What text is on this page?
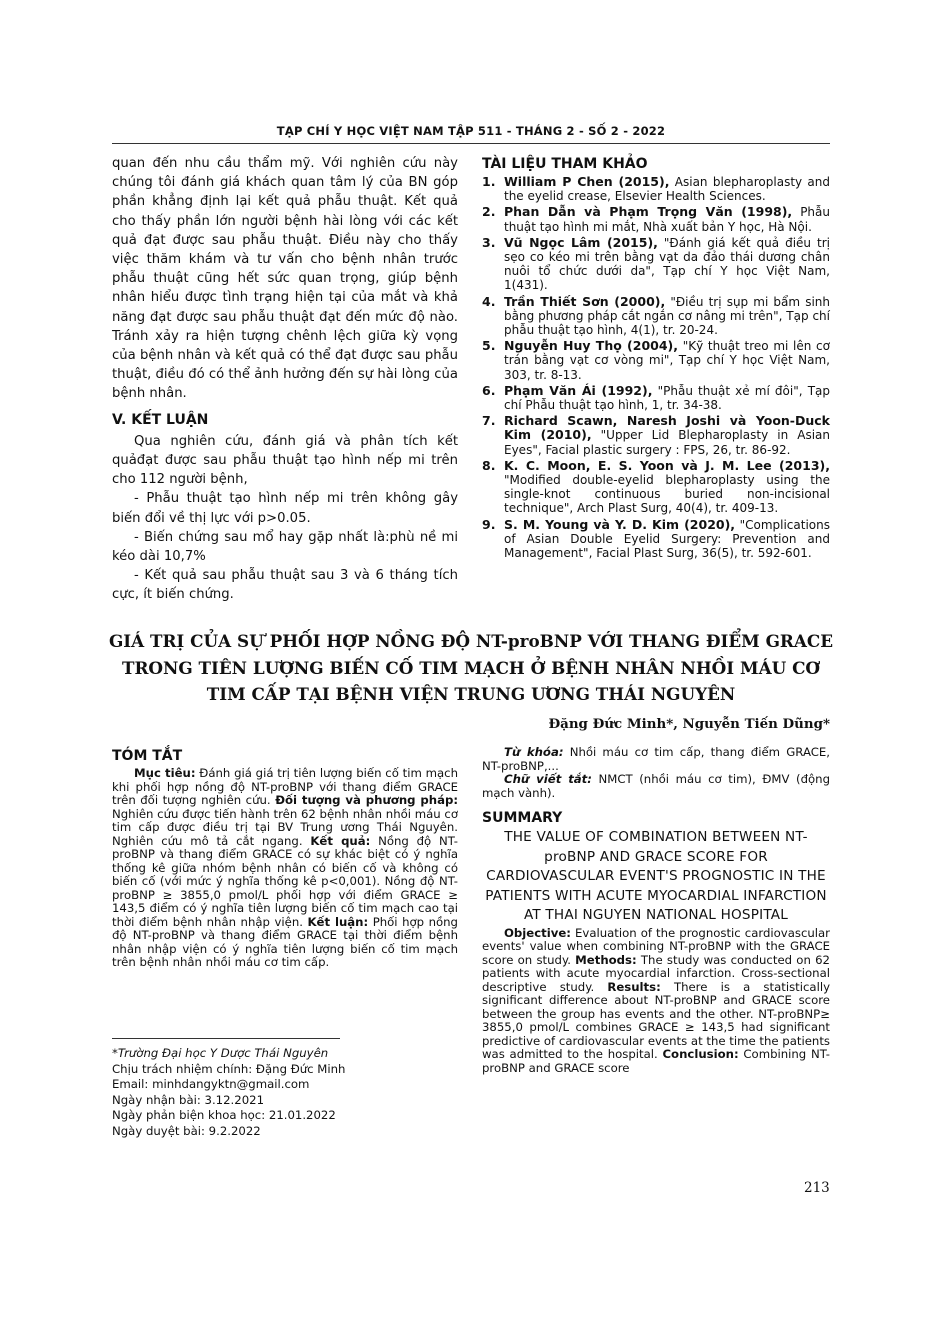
TẠP CHÍ Y HỌC VIỆT NAM TẬP 511 - THÁNG 2 - SỐ 2 - 2022

quan đến nhu cầu thẩm mỹ. Với nghiên cứu này chúng tôi đánh giá khách quan tâm lý của BN góp phần khẳng định lại kết quả phẫu thuật. Kết quả cho thấy phần lớn người bệnh hài lòng với các kết quả đạt được sau phẫu thuật. Điều này cho thấy việc thăm khám và tư vấn cho bệnh nhân trước phẫu thuật cũng hết sức quan trọng, giúp bệnh nhân hiểu được tình trạng hiện tại của mắt và khả năng đạt được sau phẫu thuật đạt đến mức độ nào. Tránh xảy ra hiện tượng chênh lệch giữa kỳ vọng của bệnh nhân và kết quả có thể đạt được sau phẫu thuật, điều đó có thể ảnh hưởng đến sự hài lòng của bệnh nhân.

V. KẾT LUẬN

Qua nghiên cứu, đánh giá và phân tích kết quảđạt được sau phẫu thuật tạo hình nếp mi trên cho 112 người bệnh,

- Phẫu thuật tạo hình nếp mi trên không gây biến đổi về thị lực với p>0.05.

- Biến chứng sau mổ hay gặp nhất là:phù nề mi kéo dài 10,7%

- Kết quả sau phẫu thuật sau 3 và 6 tháng tích cực, ít biến chứng.

TÀI LIỆU THAM KHẢO
1. William P Chen (2015), Asian blepharoplasty and the eyelid crease, Elsevier Health Sciences.
2. Phan Dẫn và Phạm Trọng Văn (1998), Phẫu thuật tạo hình mi mắt, Nhà xuất bản Y học, Hà Nội.
3. Vũ Ngọc Lâm (2015), "Đánh giá kết quả điều trị sẹo co kéo mi trên bằng vạt da đảo thái dương chân nuôi tổ chức dưới da", Tạp chí Y học Việt Nam, 1(431).
4. Trần Thiết Sơn (2000), "Điều trị sụp mi bẩm sinh bằng phương pháp cắt ngắn cơ nâng mi trên", Tạp chí phẫu thuật tạo hình, 4(1), tr. 20-24.
5. Nguyễn Huy Thọ (2004), "Kỹ thuật treo mi lên cơ trán bằng vạt cơ vòng mi", Tạp chí Y học Việt Nam, 303, tr. 8-13.
6. Phạm Văn Ái (1992), "Phẫu thuật xẻ mí đôi", Tạp chí Phẫu thuật tạo hình, 1, tr. 34-38.
7. Richard Scawn, Naresh Joshi và Yoon-Duck Kim (2010), "Upper Lid Blepharoplasty in Asian Eyes", Facial plastic surgery : FPS, 26, tr. 86-92.
8. K. C. Moon, E. S. Yoon và J. M. Lee (2013), "Modified double-eyelid blepharoplasty using the single-knot continuous buried non-incisional technique", Arch Plast Surg, 40(4), tr. 409-13.
9. S. M. Young và Y. D. Kim (2020), "Complications of Asian Double Eyelid Surgery: Prevention and Management", Facial Plast Surg, 36(5), tr. 592-601.
GIÁ TRỊ CỦA SỰ PHỐI HỢP NỒNG ĐỘ NT-proBNP VỚI THANG ĐIỂM GRACE TRONG TIÊN LƯỢNG BIẾN CỐ TIM MẠCH Ở BỆNH NHÂN NHỒI MÁU CƠ TIM CẤP TẠI BỆNH VIỆN TRUNG ƯƠNG THÁI NGUYÊN
Đặng Đức Minh*, Nguyễn Tiến Dũng*
TÓM TẮT

Mục tiêu: Đánh giá giá trị tiên lượng biến cố tim mạch khi phối hợp nồng độ NT-proBNP với thang điểm GRACE trên đối tượng nghiên cứu. Đối tượng và phương pháp: Nghiên cứu được tiến hành trên 62 bệnh nhân nhồi máu cơ tim cấp được điều trị tại BV Trung ương Thái Nguyên. Nghiên cứu mô tả cắt ngang. Kết quả: Nồng độ NT-proBNP và thang điểm GRACE có sự khác biệt có ý nghĩa thống kê giữa nhóm bệnh nhân có biến cố và không có biến cố (với mức ý nghĩa thống kê p<0,001). Nồng độ NT-proBNP ≥ 3855,0 pmol/L phối hợp với điểm GRACE ≥ 143,5 điểm có ý nghĩa tiên lượng biến cố tim mạch cao tại thời điểm bệnh nhân nhập viện. Kết luận: Phối hợp nồng độ NT-proBNP và thang điểm GRACE tại thời điểm bệnh nhân nhập viện có ý nghĩa tiên lượng biến cố tim mạch trên bệnh nhân nhồi máu cơ tim cấp.

Từ khóa: Nhồi máu cơ tim cấp, thang điểm GRACE, NT-proBNP,...

Chữ viết tắt: NMCT (nhồi máu cơ tim), ĐMV (động mạch vành).

SUMMARY
THE VALUE OF COMBINATION BETWEEN NT-proBNP AND GRACE SCORE FOR CARDIOVASCULAR EVENT'S PROGNOSTIC IN THE PATIENTS WITH ACUTE MYOCARDIAL INFARCTION AT THAI NGUYEN NATIONAL HOSPITAL

Objective: Evaluation of the prognostic cardiovascular events' value when combining NT-proBNP with the GRACE score on study. Methods: The study was conducted on 62 patients with acute myocardial infarction. Cross-sectional descriptive study. Results: There is a statistically significant difference about NT-proBNP and GRACE score between the group has events and the other. NT-proBNP≥ 3855,0 pmol/L combines GRACE ≥ 143,5 had significant predictive of cardiovascular events at the time the patients was admitted to the hospital. Conclusion: Combining NT-proBNP and GRACE score

*Trường Đại học Y Dược Thái Nguyên
Chịu trách nhiệm chính: Đặng Đức Minh
Email: minhdangyktn@gmail.com
Ngày nhận bài: 3.12.2021
Ngày phản biện khoa học: 21.01.2022
Ngày duyệt bài: 9.2.2022
213
